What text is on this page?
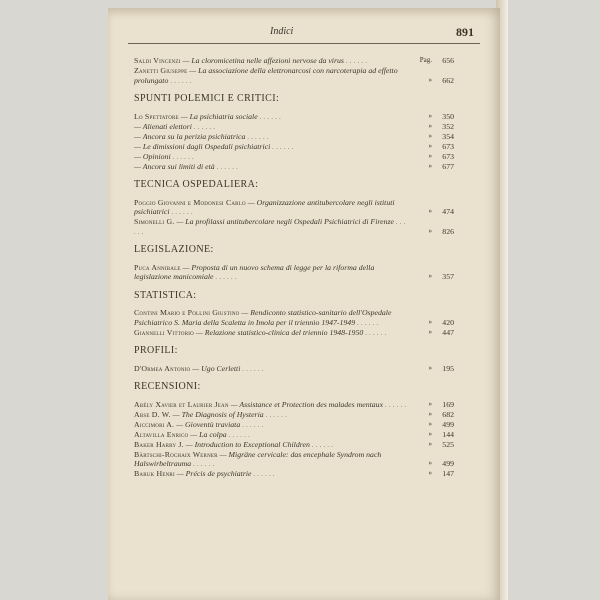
Indici	891
Saldi Vincenzi — La cloromicetina nelle affezioni nervose da virus . . . . . .	Pag.	656
Zanetti Giuseppe — La associazione della elettronarcosi con narcoterapia ad effetto prolungato . . . . . .	»	662
SPUNTI POLEMICI E CRITICI:
Lo Spettatore — La psichiatria sociale . . . . . .	»	350
— Alienati elettori . . . . . .	»	352
— Ancora su la perizia psichiatrica . . . . . .	»	354
— Le dimissioni dagli Ospedali psichiatrici . . . . . .	»	673
— Opinioni . . . . . .	»	673
— Ancora sui limiti di età . . . . . .	»	677
TECNICA OSPEDALIERA:
Poggio Giovanni e Modonesi Carlo — Organizzazione antitubercolare negli istituti psichiatrici . . . . . .	»	474
Simonelli G. — La profilassi antitubercolare negli Ospedali Psichiatrici di Firenze . . . . . .	»	826
LEGISLAZIONE:
Puca Annibale — Proposta di un nuovo schema di legge per la riforma della legislazione manicomiale . . . . . .	»	357
STATISTICA:
Contini Mario e Pollini Giustino — Rendiconto statistico-sanitario dell'Ospedale Psichiatrico S. Maria della Scaletta in Imola per il triennio 1947-1949 . . . . . .	»	420
Giannelli Vittorio — Relazione statistico-clinica del triennio 1948-1950 . . . . . .	»	447
PROFILI:
D'Ormea Antonio — Ugo Cerletti . . . . . .	»	195
RECENSIONI:
Abély Xavier et Laurier Jean — Assistance et Protection des malades mentaux . . . . . .	»	169
Abse D. W. — The Diagnosis of Hysteria . . . . . .	»	682
Aiccimori A. — Gioventù traviata . . . . . .	»	499
Altavilla Enrico — La colpa . . . . . .	»	144
Baker Harry J. — Introduction to Exceptional Children . . . . . .	»	525
Bärtschi-Rochaix Werner — Migräne cervicale: das encephale Syndrom nach Halswirbeltrauma . . . . . .	»	499
Baruk Henri — Précis de psychiatrie . . . . . .	»	147
